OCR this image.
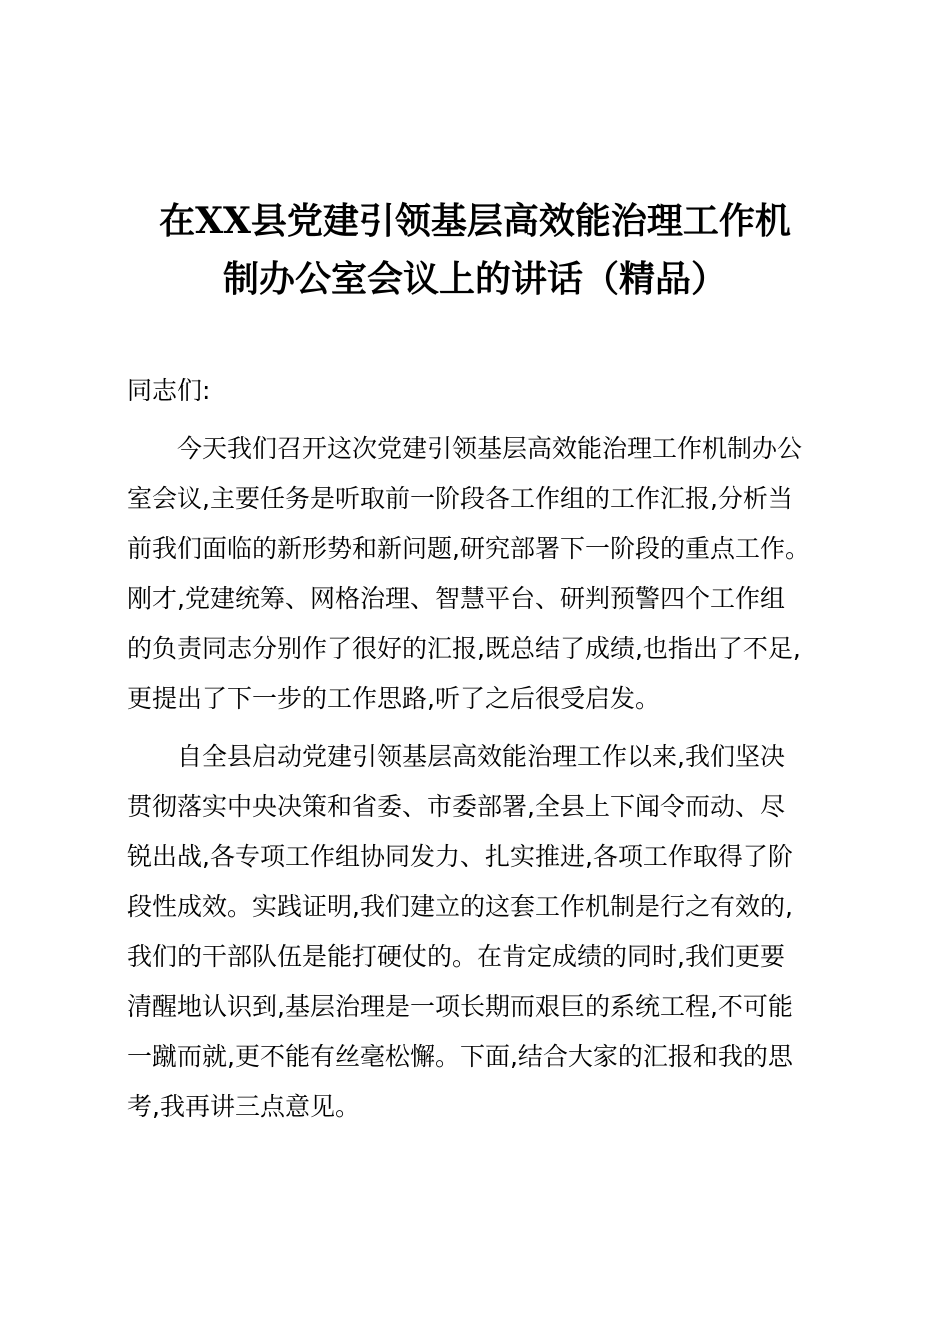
在XX县党建引领基层高效能治理工作机
制办公室会议上的讲话（精品）
同志们:
今天我们召开这次党建引领基层高效能治理工作机制办公
室会议,主要任务是听取前一阶段各工作组的工作汇报,分析当
前我们面临的新形势和新问题,研究部署下一阶段的重点工作。
刚才,党建统筹、网格治理、智慧平台、研判预警四个工作组
的负责同志分别作了很好的汇报,既总结了成绩,也指出了不足,
更提出了下一步的工作思路,听了之后很受启发。
自全县启动党建引领基层高效能治理工作以来,我们坚决
贯彻落实中央决策和省委、市委部署,全县上下闻令而动、尽
锐出战,各专项工作组协同发力、扎实推进,各项工作取得了阶
段性成效。实践证明,我们建立的这套工作机制是行之有效的,
我们的干部队伍是能打硬仗的。在肯定成绩的同时,我们更要
清醒地认识到,基层治理是一项长期而艰巨的系统工程,不可能
一蹴而就,更不能有丝毫松懈。下面,结合大家的汇报和我的思
考,我再讲三点意见。
